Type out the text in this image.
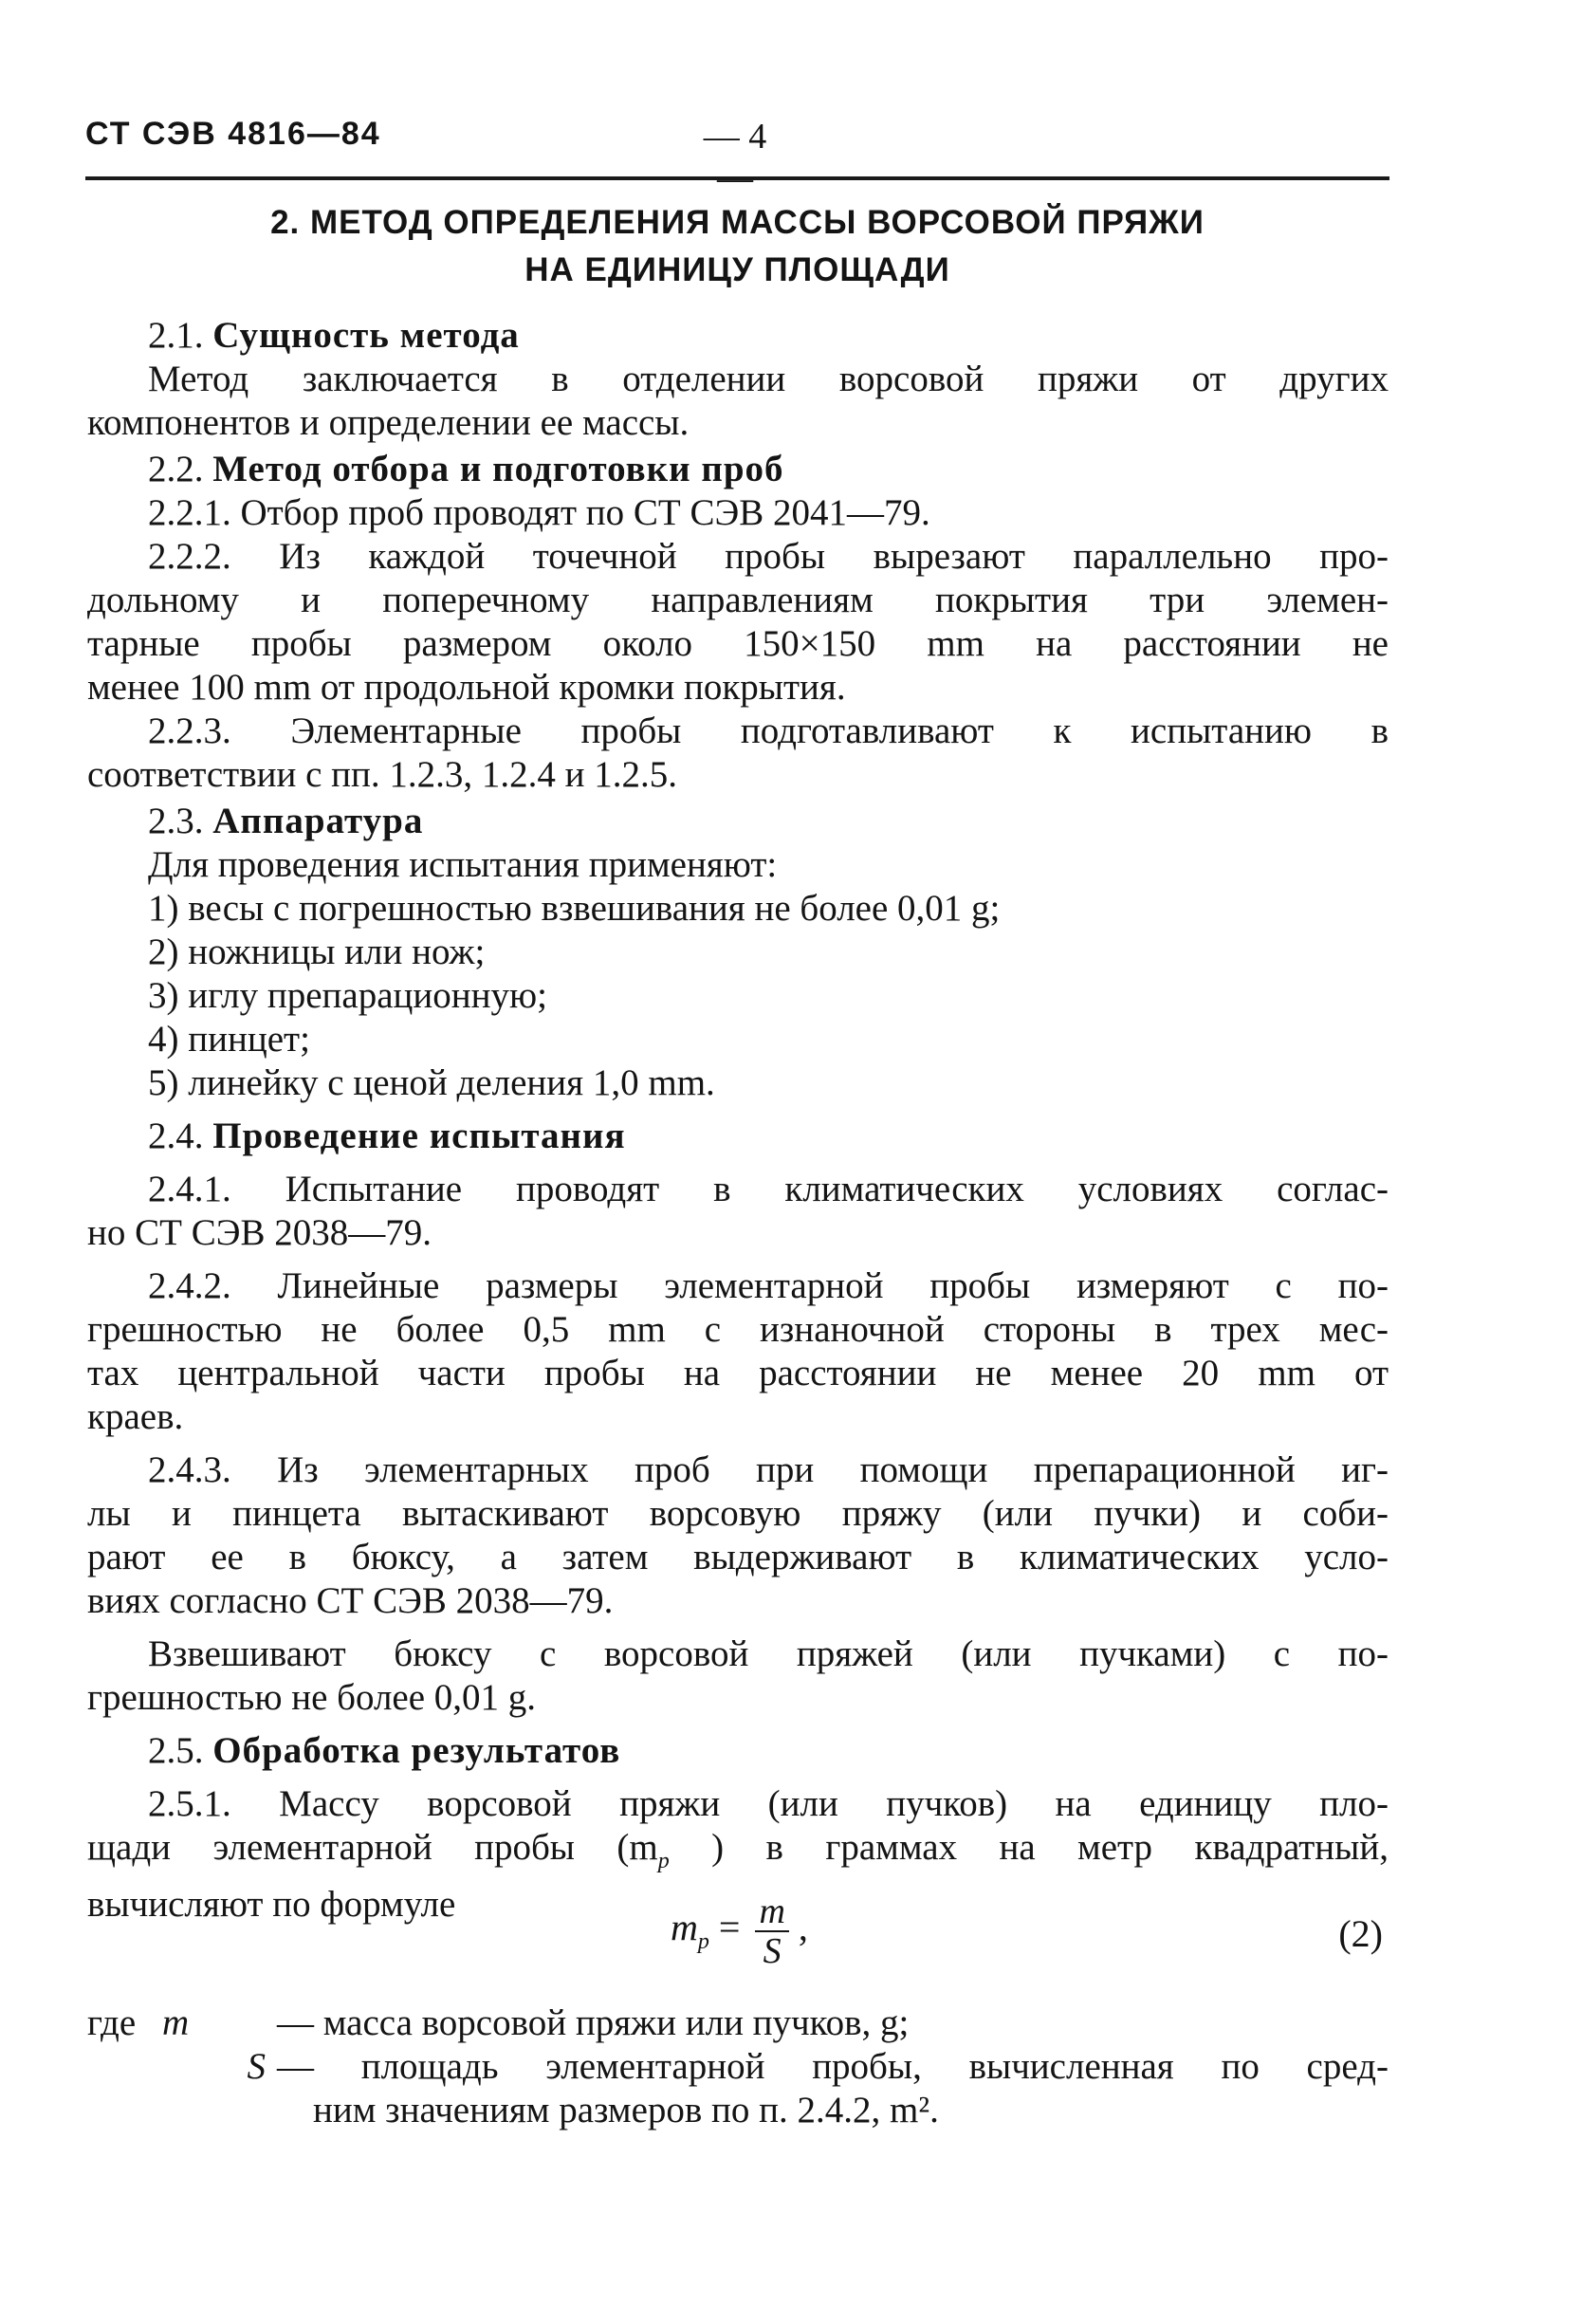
СТ СЭВ 4816—84	— 4 —
2. МЕТОД ОПРЕДЕЛЕНИЯ МАССЫ ВОРСОВОЙ ПРЯЖИ
НА ЕДИНИЦУ ПЛОЩАДИ

2.1. Сущность метода

Метод заключается в отделении ворсовой пряжи от других

компонентов и определении ее массы.

2.2. Метод отбора и подготовки проб

2.2.1. Отбор проб проводят по СТ СЭВ 2041—79.

2.2.2. Из каждой точечной пробы вырезают параллельно про-

дольному и поперечному направлениям покрытия три элемен-

тарные пробы размером около 150×150 mm на расстоянии не

менее 100 mm от продольной кромки покрытия.

2.2.3. Элементарные пробы подготавливают к испытанию в

соответствии с пп. 1.2.3, 1.2.4 и 1.2.5.

2.3. Аппаратура

Для проведения испытания применяют:

1) весы с погрешностью взвешивания не более 0,01 g;

2) ножницы или нож;

3) иглу препарационную;

4) пинцет;

5) линейку с ценой деления 1,0 mm.

2.4. Проведение испытания

2.4.1. Испытание проводят в климатических условиях соглас-

но СТ СЭВ 2038—79.

2.4.2. Линейные размеры элементарной пробы измеряют с по-

грешностью не более 0,5 mm с изнаночной стороны в трех мес-

тах центральной части пробы на расстоянии не менее 20 mm от

краев.

2.4.3. Из элементарных проб при помощи препарационной иг-

лы и пинцета вытаскивают ворсовую пряжу (или пучки) и соби-

рают ее в бюксу, а затем выдерживают в климатических усло-

виях согласно СТ СЭВ 2038—79.

Взвешивают бюксу с ворсовой пряжей (или пучками) с по-

грешностью не более 0,01 g.

2.5. Обработка результатов

2.5.1. Массу ворсовой пряжи (или пучков) на единицу пло-

щади элементарной пробы ($m_p$ ) в граммах на метр квадратный,

вычисляют по формуле

$m_p = \frac{m}{S}$ ,	(2)
где m	— масса ворсовой пряжи или пучков, g;
S — площадь элементарной пробы, вычисленная по сред-

ним значениям размеров по п. 2.4.2, m².
